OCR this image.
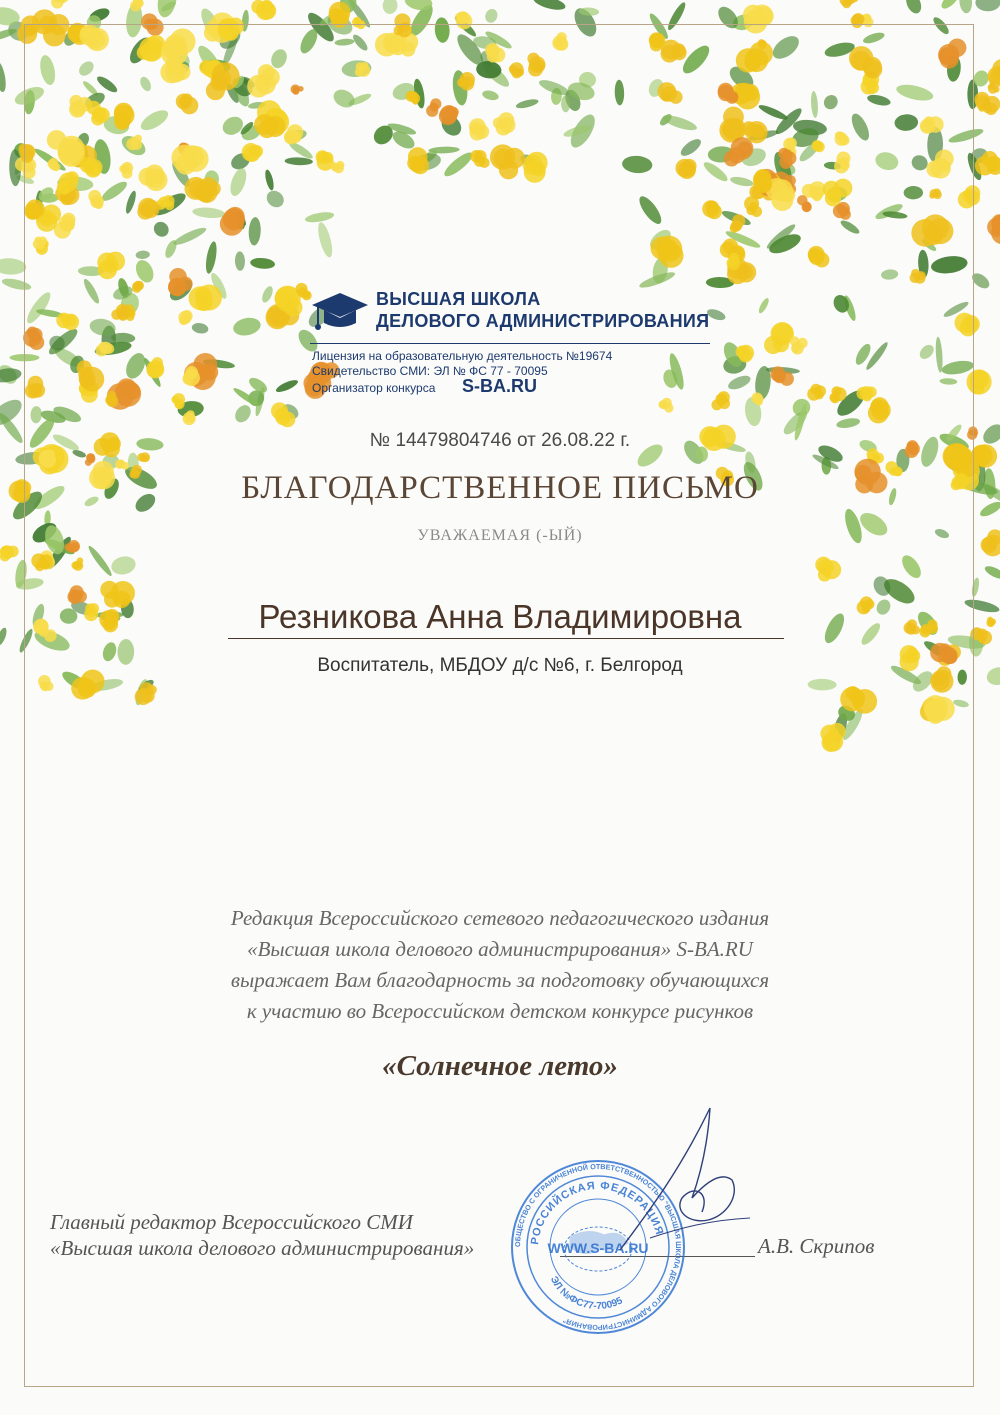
ВЫСШАЯ ШКОЛА
ДЕЛОВОГО АДМИНИСТРИРОВАНИЯ
Лицензия на образовательную деятельность №19674
Свидетельство СМИ: ЭЛ № ФС 77 - 70095
Организатор конкурса S-BA.RU
№ 14479804746 от 26.08.22 г.
БЛАГОДАРСТВЕННОЕ ПИСЬМО
УВАЖАЕМАЯ (-ЫЙ)
Резникова Анна Владимировна
Воспитатель, МБДОУ д/с №6, г. Белгород
Редакция Всероссийского сетевого педагогического издания
«Высшая школа делового администрирования» S-BA.RU
выражает Вам благодарность за подготовку обучающихся
к участию во Всероссийском детском конкурсе рисунков
«Солнечное лето»
Главный редактор Всероссийского СМИ
«Высшая школа делового администрирования»	А.В. Скрипов
ОБЩЕСТВО С ОГРАНИЧЕННОЙ ОТВЕТСТВЕННОСТЬЮ "ВЫСШАЯ ШКОЛА ДЕЛОВОГО АДМИНИСТРИРОВАНИЯ"
РОССИЙСКАЯ ФЕДЕРАЦИЯ
ЭЛ №ФС77-70095
WWW.S-BA.RU
